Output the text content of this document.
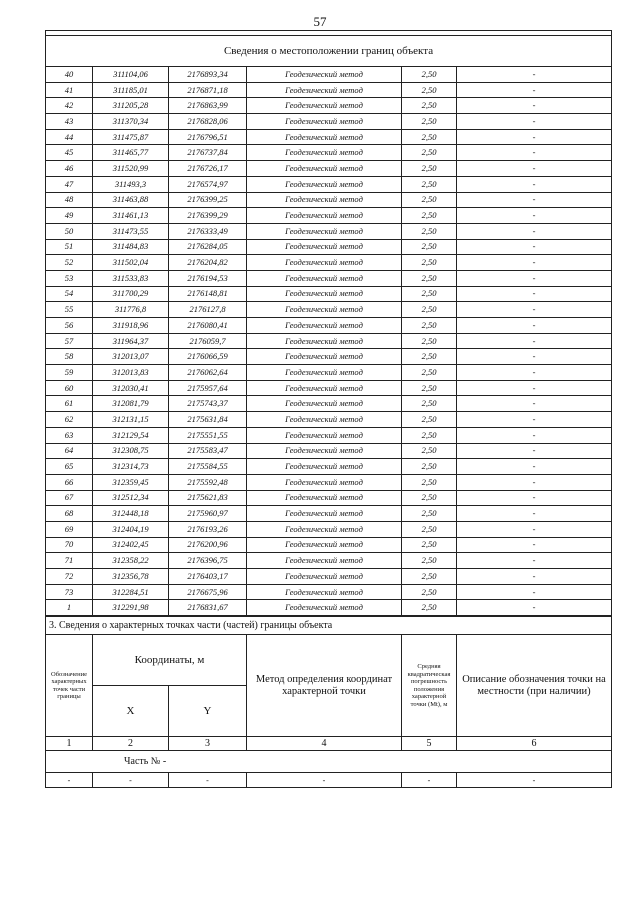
57

Сведения о местоположении границ объекта					
40	311104,06	2176893,34	Геодезический метод	2,50	-
41	311185,01	2176871,18	Геодезический метод	2,50	-
42	311205,28	2176863,99	Геодезический метод	2,50	-
43	311370,34	2176828,06	Геодезический метод	2,50	-
44	311475,87	2176796,51	Геодезический метод	2,50	-
45	311465,77	2176737,84	Геодезический метод	2,50	-
46	311520,99	2176726,17	Геодезический метод	2,50	-
47	311493,3	2176574,97	Геодезический метод	2,50	-
48	311463,88	2176399,25	Геодезический метод	2,50	-
49	311461,13	2176399,29	Геодезический метод	2,50	-
50	311473,55	2176333,49	Геодезический метод	2,50	-
51	311484,83	2176284,05	Геодезический метод	2,50	-
52	311502,04	2176204,82	Геодезический метод	2,50	-
53	311533,83	2176194,53	Геодезический метод	2,50	-
54	311700,29	2176148,81	Геодезический метод	2,50	-
55	311776,8	2176127,8	Геодезический метод	2,50	-
56	311918,96	2176080,41	Геодезический метод	2,50	-
57	311964,37	2176059,7	Геодезический метод	2,50	-
58	312013,07	2176066,59	Геодезический метод	2,50	-
59	312013,83	2176062,64	Геодезический метод	2,50	-
60	312030,41	2175957,64	Геодезический метод	2,50	-
61	312081,79	2175743,37	Геодезический метод	2,50	-
62	312131,15	2175631,84	Геодезический метод	2,50	-
63	312129,54	2175551,55	Геодезический метод	2,50	-
64	312308,75	2175583,47	Геодезический метод	2,50	-
65	312314,73	2175584,55	Геодезический метод	2,50	-
66	312359,45	2175592,48	Геодезический метод	2,50	-
67	312512,34	2175621,83	Геодезический метод	2,50	-
68	312448,18	2175960,97	Геодезический метод	2,50	-
69	312404,19	2176193,26	Геодезический метод	2,50	-
70	312402,45	2176200,96	Геодезический метод	2,50	-
71	312358,22	2176396,75	Геодезический метод	2,50	-
72	312356,78	2176403,17	Геодезический метод	2,50	-
73	312284,51	2176675,96	Геодезический метод	2,50	-
1	312291,98	2176831,67	Геодезический метод	2,50	-
3. Сведения о характерных точках части (частей) границы объекта					
Обозначение характерных точек части границы	Координаты, м		Метод определения координат характерной точки	Средняя квадратическая погрешность положения характерной точки (Mt), м	Описание обозначения точки на местности (при наличии)
	X	Y			
1	2	3	4	5	6
Часть № -					
-	-	-	-	-	-
